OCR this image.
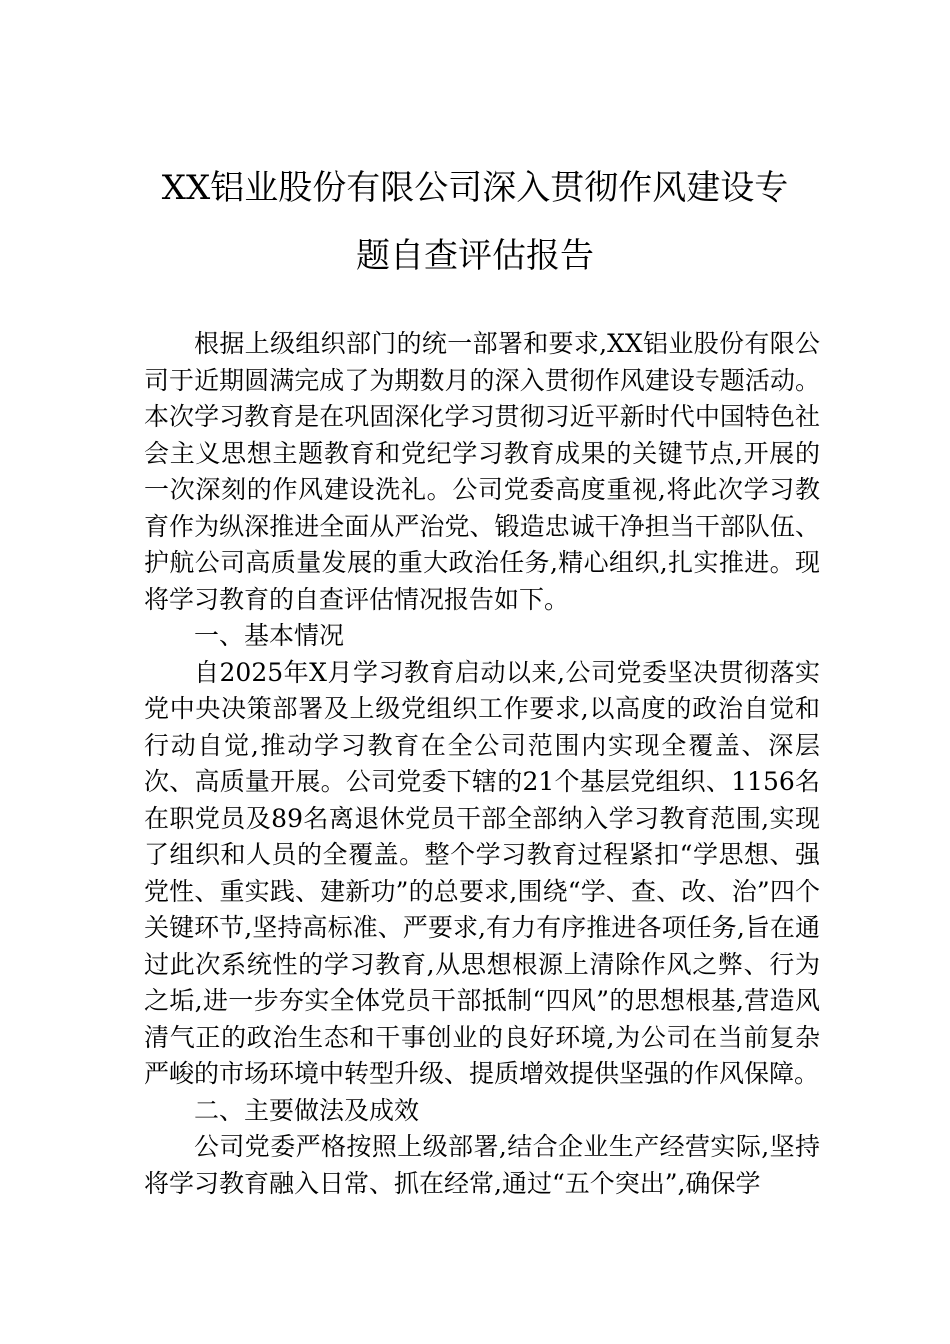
XX铝业股份有限公司深入贯彻作风建设专
题自查评估报告

根据上级组织部门的统一部署和要求,XX铝业股份有限公司于近期圆满完成了为期数月的深入贯彻作风建设专题活动。本次学习教育是在巩固深化学习贯彻习近平新时代中国特色社会主义思想主题教育和党纪学习教育成果的关键节点,开展的一次深刻的作风建设洗礼。公司党委高度重视,将此次学习教育作为纵深推进全面从严治党、锻造忠诚干净担当干部队伍、护航公司高质量发展的重大政治任务,精心组织,扎实推进。现将学习教育的自查评估情况报告如下。

一、基本情况

自2025年X月学习教育启动以来,公司党委坚决贯彻落实党中央决策部署及上级党组织工作要求,以高度的政治自觉和行动自觉,推动学习教育在全公司范围内实现全覆盖、深层次、高质量开展。公司党委下辖的21个基层党组织、1156名在职党员及89名离退休党员干部全部纳入学习教育范围,实现了组织和人员的全覆盖。整个学习教育过程紧扣“学思想、强党性、重实践、建新功”的总要求,围绕“学、查、改、治”四个关键环节,坚持高标准、严要求,有力有序推进各项任务,旨在通过此次系统性的学习教育,从思想根源上清除作风之弊、行为之垢,进一步夯实全体党员干部抵制“四风”的思想根基,营造风清气正的政治生态和干事创业的良好环境,为公司在当前复杂严峻的市场环境中转型升级、提质增效提供坚强的作风保障。

二、主要做法及成效

公司党委严格按照上级部署,结合企业生产经营实际,坚持将学习教育融入日常、抓在经常,通过“五个突出”,确保学
